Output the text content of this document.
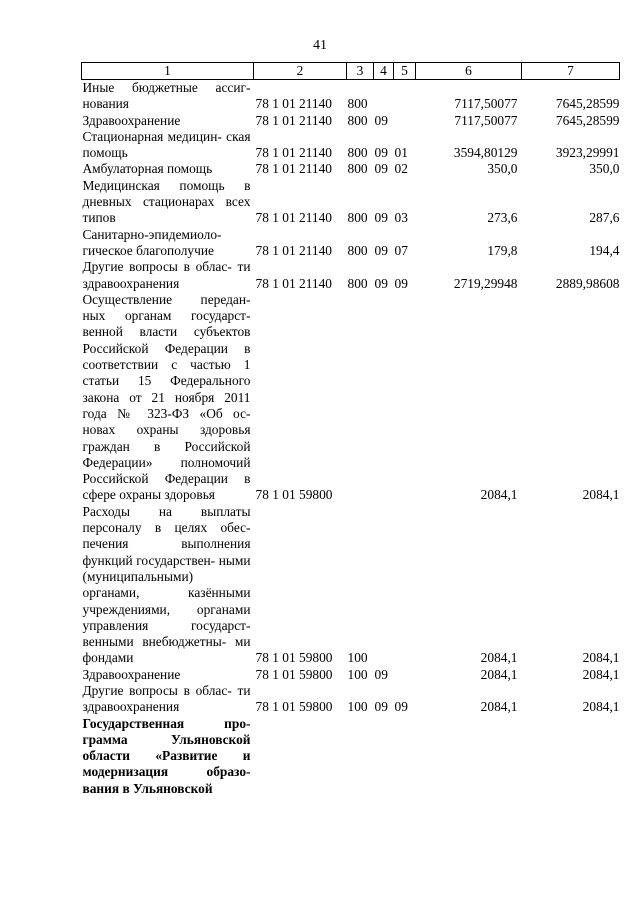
41
1	2	3	4	5	6	7
Иные бюджетные ассиг- нования	78 1 01 21140	800			7117,50077	7645,28599
Здравоохранение	78 1 01 21140	800	09		7117,50077	7645,28599
Стационарная медицин- ская помощь	78 1 01 21140	800	09	01	3594,80129	3923,29991
Амбулаторная помощь	78 1 01 21140	800	09	02	350,0	350,0
Медицинская помощь в дневных стационарах всех типов	78 1 01 21140	800	09	03	273,6	287,6
Санитарно-эпидемиоло- гическое благополучие	78 1 01 21140	800	09	07	179,8	194,4
Другие вопросы в облас- ти здравоохранения	78 1 01 21140	800	09	09	2719,29948	2889,98608
Осуществление передан- ных органам государст- венной власти субъектов Российской Федерации в соответствии с частью 1 статьи 15 Федерального закона от 21 ноября 2011 года № 323-ФЗ «Об ос- новах охраны здоровья граждан в Российской Федерации» полномочий Российской Федерации в сфере охраны здоровья	78 1 01 59800				2084,1	2084,1
Расходы на выплаты персоналу в целях обес- печения выполнения функций государствен- ными (муниципальными) органами, казёнными учреждениями, органами управления государст- венными внебюджетны- ми фондами	78 1 01 59800	100			2084,1	2084,1
Здравоохранение	78 1 01 59800	100	09		2084,1	2084,1
Другие вопросы в облас- ти здравоохранения	78 1 01 59800	100	09	09	2084,1	2084,1
Государственная про- грамма Ульяновской области «Развитие и модернизация образо- вания в Ульяновской						
